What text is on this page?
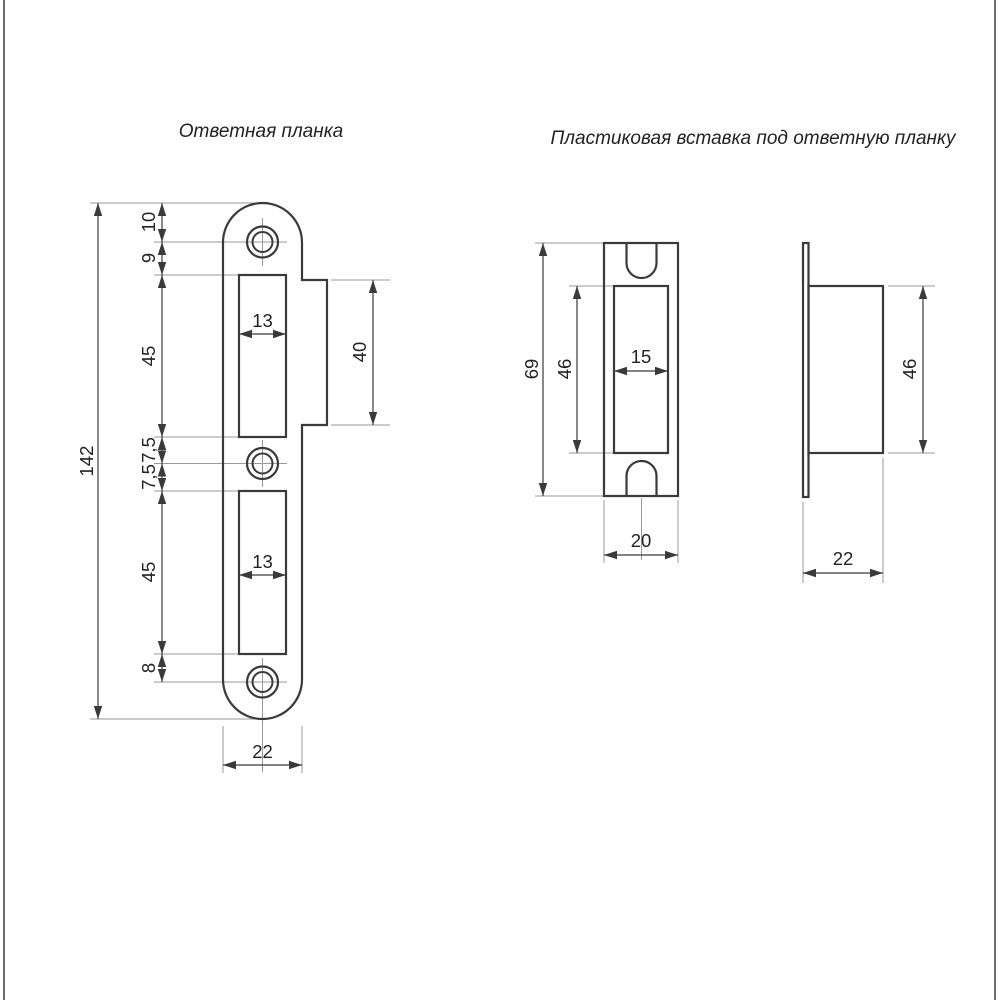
Ответная планка	Пластиковая вставка под ответную планку
10
9
45
7,5
7,5
45
8
142
40
13
13
22
69 46
15
20
46
22
